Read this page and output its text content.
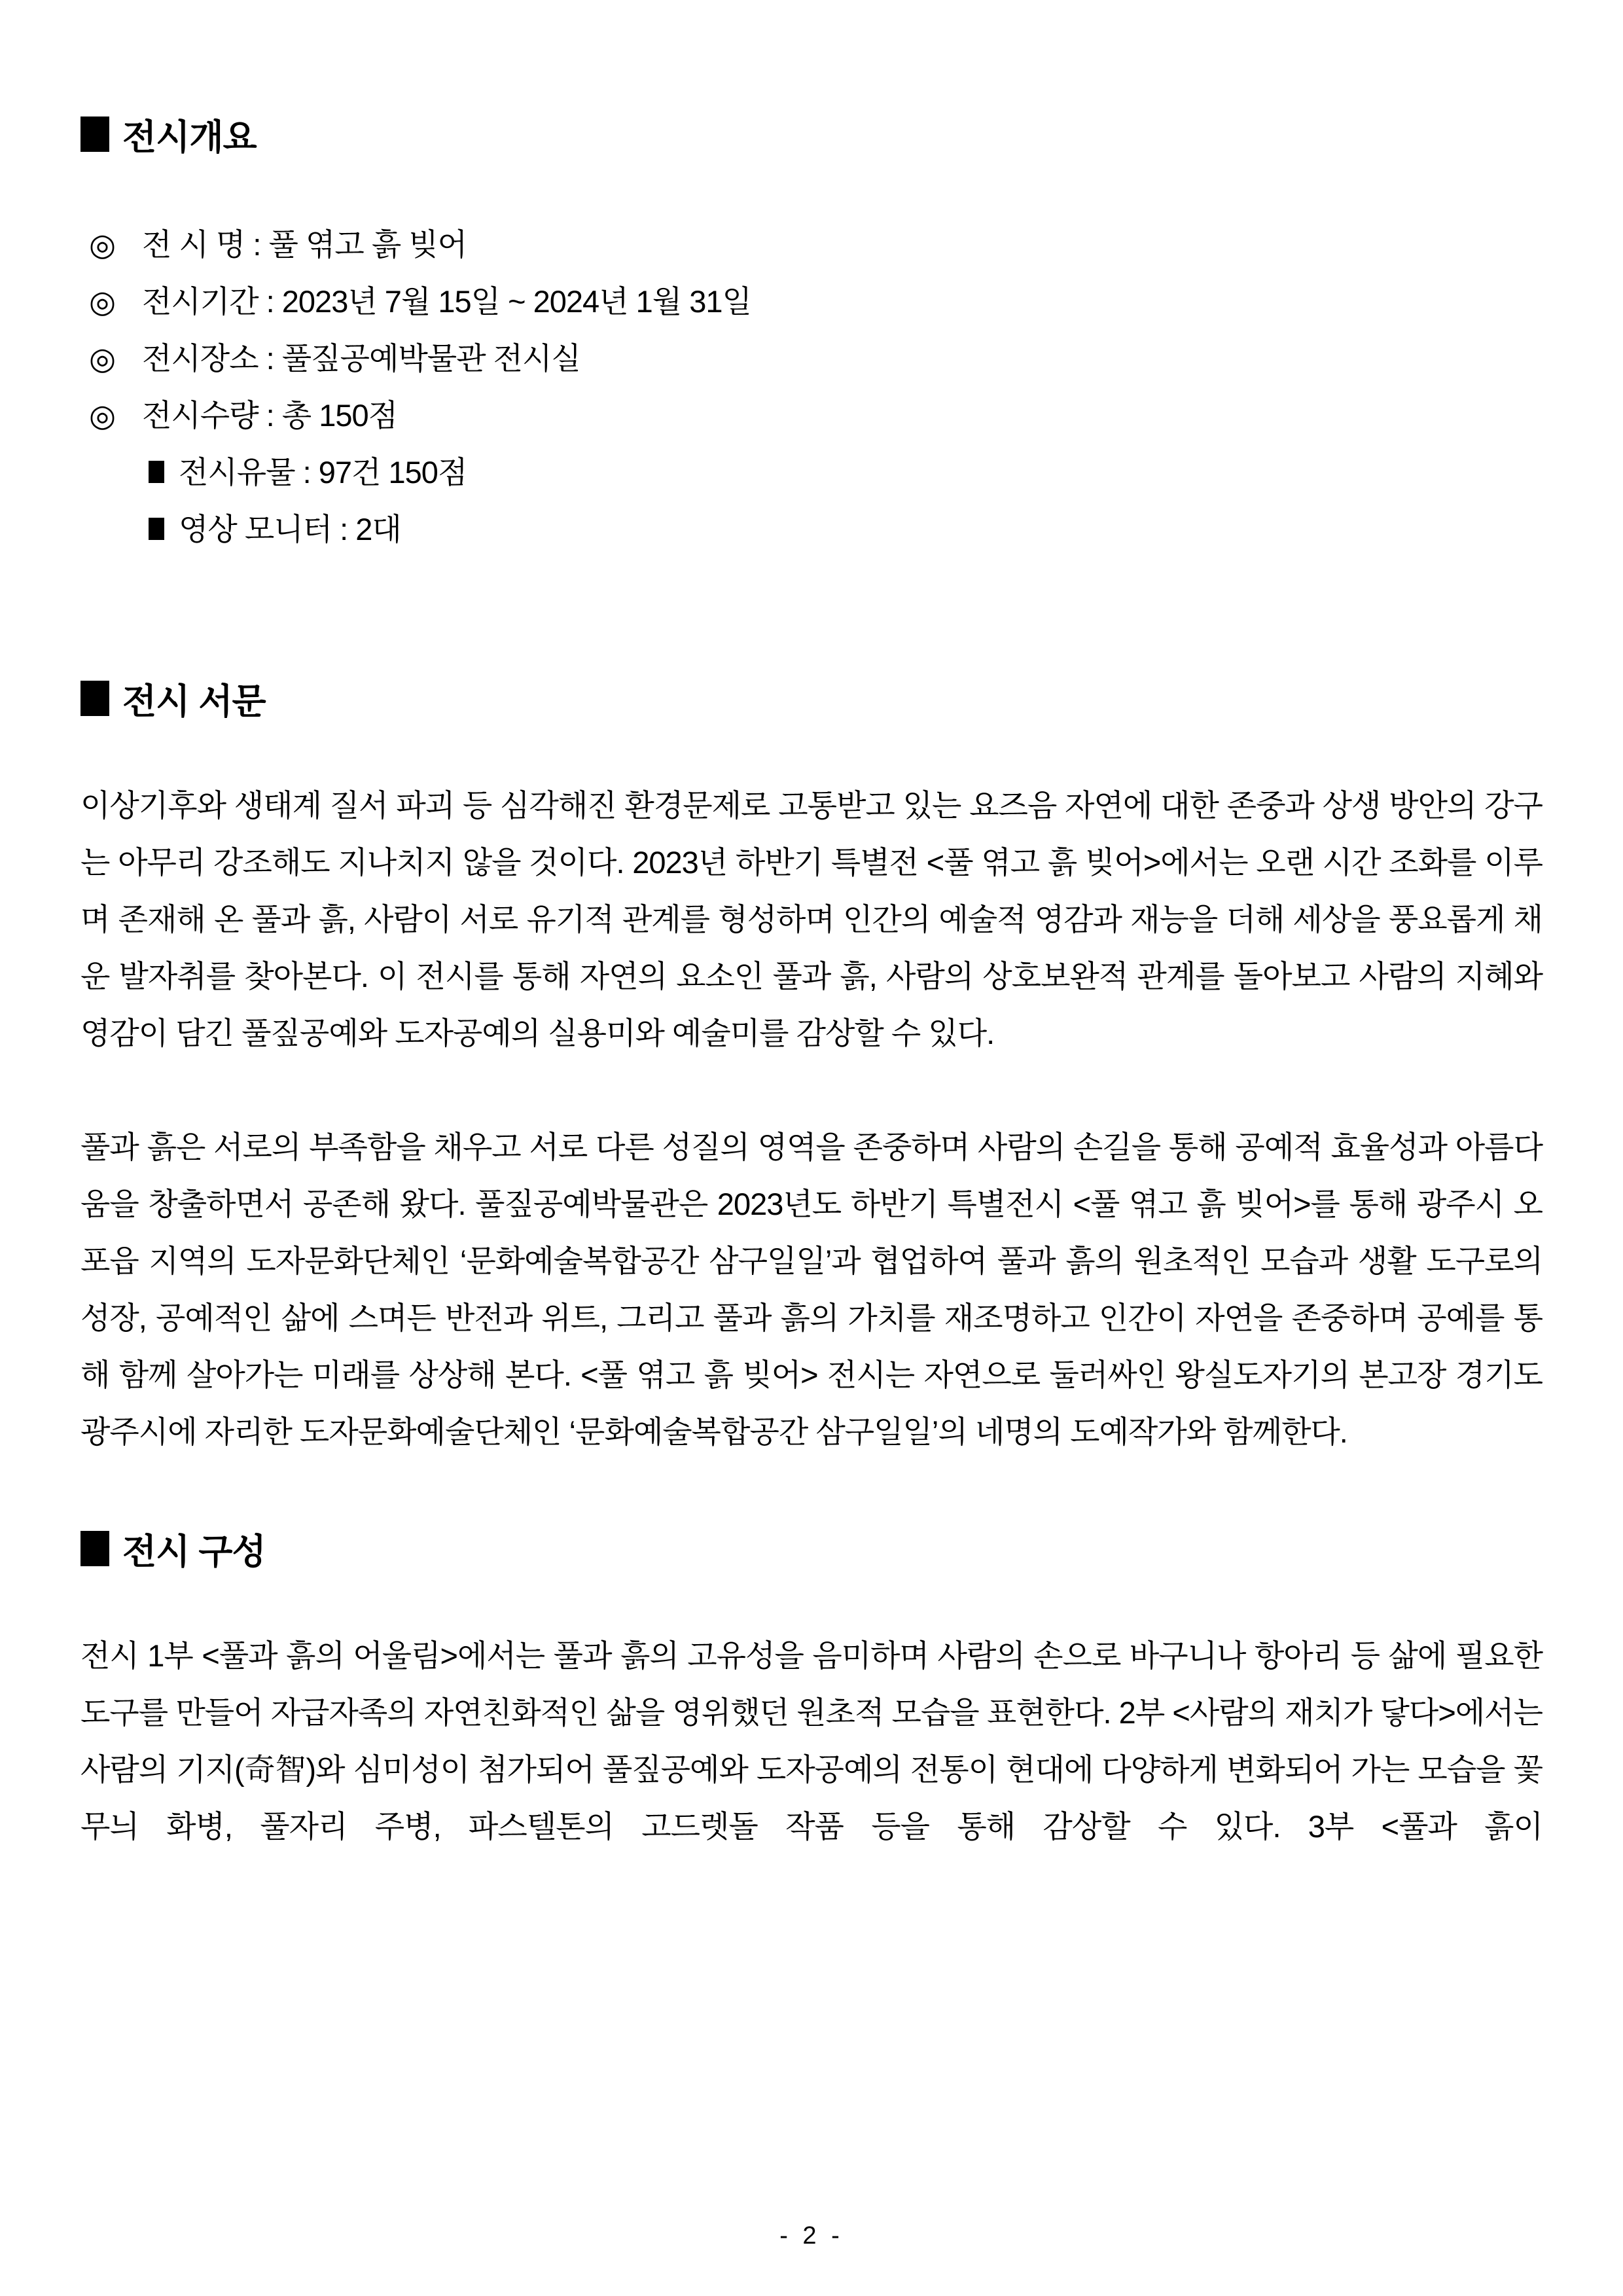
전시개요
◎ 전 시 명 : 풀 엮고 흙 빚어
◎ 전시기간 : 2023년 7월 15일 ~ 2024년 1월 31일
◎ 전시장소 : 풀짚공예박물관 전시실
◎ 전시수량 : 총 150점
전시유물 : 97건 150점
영상 모니터 : 2대
전시 서문

이상기후와 생태계 질서 파괴 등 심각해진 환경문제로 고통받고 있는 요즈음 자연에 대한 존중과 상생 방안의 강구는 아무리 강조해도 지나치지 않을 것이다. 2023년 하반기 특별전 <풀 엮고 흙 빚어>에서는 오랜 시간 조화를 이루며 존재해 온 풀과 흙, 사람이 서로 유기적 관계를 형성하며 인간의 예술적 영감과 재능을 더해 세상을 풍요롭게 채운 발자취를 찾아본다. 이 전시를 통해 자연의 요소인 풀과 흙, 사람의 상호보완적 관계를 돌아보고 사람의 지혜와 영감이 담긴 풀짚공예와 도자공예의 실용미와 예술미를 감상할 수 있다.

풀과 흙은 서로의 부족함을 채우고 서로 다른 성질의 영역을 존중하며 사람의 손길을 통해 공예적 효율성과 아름다움을 창출하면서 공존해 왔다. 풀짚공예박물관은 2023년도 하반기 특별전시 <풀 엮고 흙 빚어>를 통해 광주시 오포읍 지역의 도자문화단체인 ‘문화예술복합공간 삼구일일’과 협업하여 풀과 흙의 원초적인 모습과 생활 도구로의 성장, 공예적인 삶에 스며든 반전과 위트, 그리고 풀과 흙의 가치를 재조명하고 인간이 자연을 존중하며 공예를 통해 함께 살아가는 미래를 상상해 본다. <풀 엮고 흙 빚어> 전시는 자연으로 둘러싸인 왕실도자기의 본고장 경기도 광주시에 자리한 도자문화예술단체인 ‘문화예술복합공간 삼구일일’의 네명의 도예작가와 함께한다.

전시 구성

전시 1부 <풀과 흙의 어울림>에서는 풀과 흙의 고유성을 음미하며 사람의 손으로 바구니나 항아리 등 삶에 필요한 도구를 만들어 자급자족의 자연친화적인 삶을 영위했던 원초적 모습을 표현한다. 2부 <사람의 재치가 닿다>에서는 사람의 기지(奇智)와 심미성이 첨가되어 풀짚공예와 도자공예의 전통이 현대에 다양하게 변화되어 가는 모습을 꽃무늬 화병, 풀자리 주병, 파스텔톤의 고드렛돌 작품 등을 통해 감상할 수 있다. 3부 <풀과 흙이

- 2 -
